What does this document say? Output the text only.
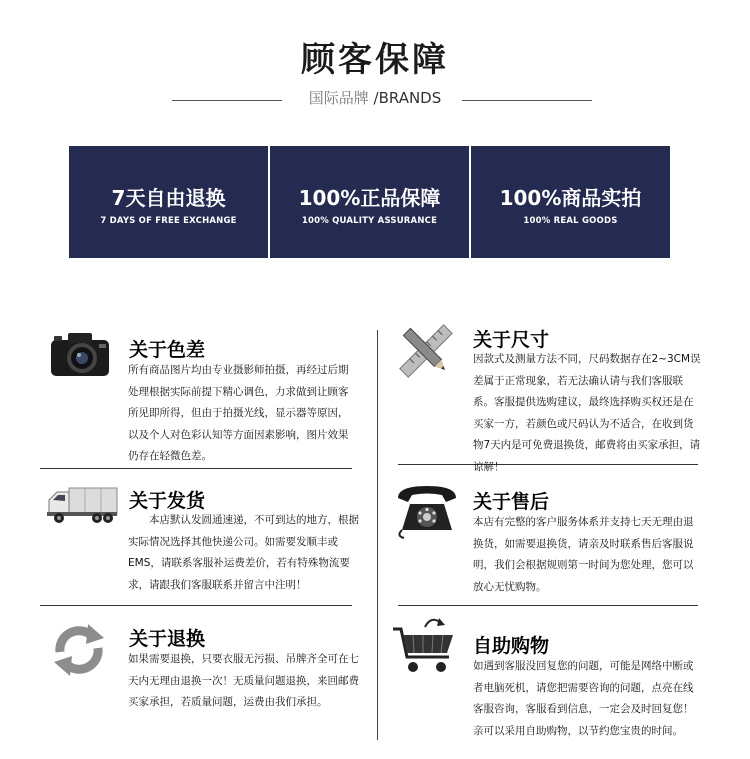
顾客保障
国际品牌 /BRANDS
7天自由退换
7 DAYS OF FREE EXCHANGE
100%正品保障
100% QUALITY ASSURANCE
100%商品实拍
100% REAL GOODS
关于色差
所有商品图片均由专业摄影师拍摄，再经过后期处理根据实际前提下精心调色，力求做到让顾客所见即所得，但由于拍摄光线，显示器等原因，以及个人对色彩认知等方面因素影响，图片效果仍存在轻微色差。
关于尺寸
因款式及测量方法不同，尺码数据存在2~3CM误差属于正常现象，若无法确认请与我们客服联系。客服提供选购建议，最终选择购买权还是在买家一方，若颜色或尺码认为不适合，在收到货物7天内是可免费退换货，邮费将由买家承担，请谅解！
关于发货
本店默认发圆通速递，不可到达的地方，根据实际情况选择其他快递公司。如需要发顺丰或EMS，请联系客服补运费差价，若有特殊物流要求，请跟我们客服联系并留言中注明！
关于售后
本店有完整的客户服务体系并支持七天无理由退换货，如需要退换货，请亲及时联系售后客服说明，我们会根据规则第一时间为您处理，您可以放心无忧购物。
关于退换
如果需要退换，只要衣服无污损、吊牌齐全可在七天内无理由退换一次！无质量问题退换，来回邮费买家承担，若质量问题，运费由我们承担。
自助购物
如遇到客服没回复您的问题，可能是网络中断或者电脑死机，请您把需要咨询的问题，点亮在线客服咨询，客服看到信息，一定会及时回复您！亲可以采用自助购物，以节约您宝贵的时间。
